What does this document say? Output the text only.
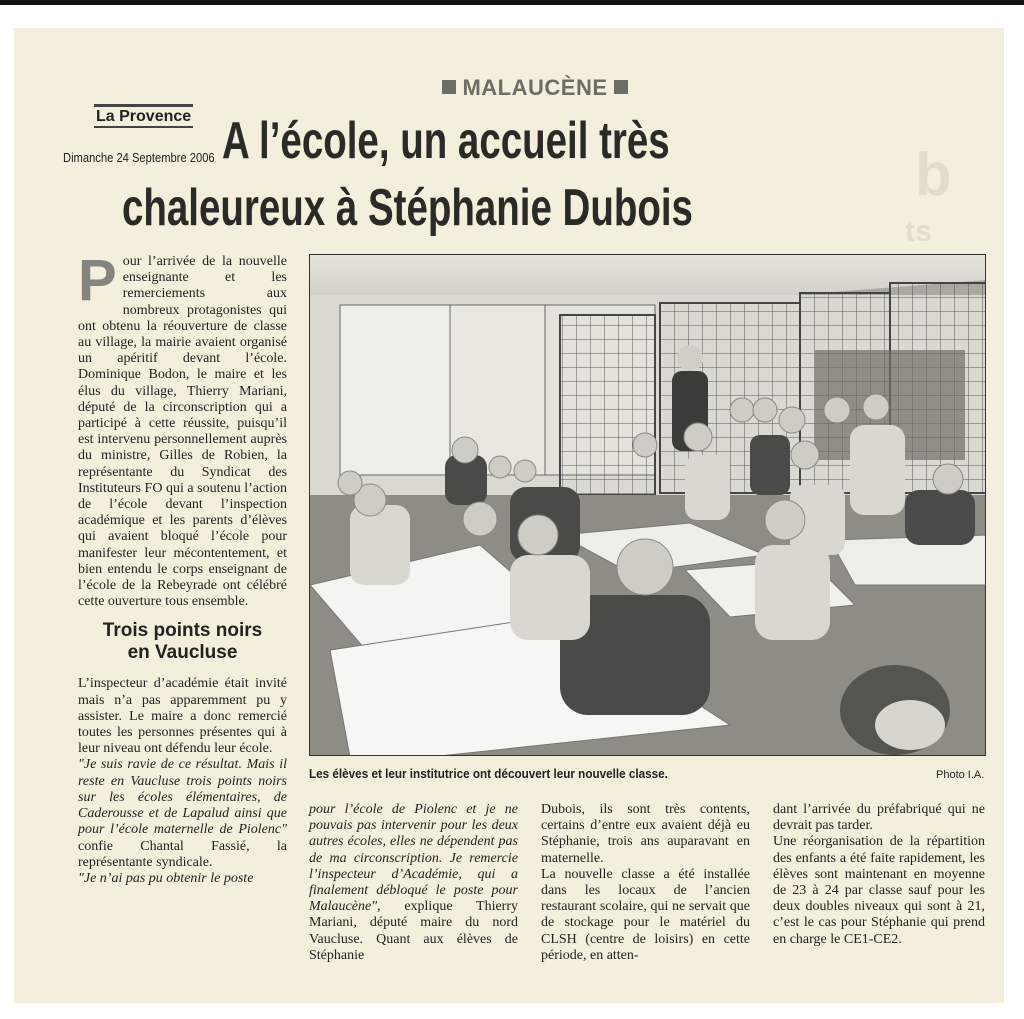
b
ts
MALAUCÈNE
La Provence
Dimanche 24 Septembre 2006 A l’école, un accueil très
chaleureux à Stéphanie Dubois

Pour l’arrivée de la nouvelle enseignante et les remerciements aux nombreux protagonistes qui ont obtenu la réouverture de classe au village, la mairie avaient organisé un apéritif devant l’école. Dominique Bodon, le maire et les élus du village, Thierry Mariani, député de la circonscription qui a participé à cette réussite, puisqu’il est intervenu personnellement auprès du ministre, Gilles de Robien, la représentante du Syndicat des Instituteurs FO qui a soutenu l’action de l’école devant l’inspection académique et les parents d’élèves qui avaient bloqué l’école pour manifester leur mécontentement, et bien entendu le corps enseignant de l’école de la Rebeyrade ont célébré cette ouverture tous ensemble.

Trois points noirs
en Vaucluse

L’inspecteur d’académie était invité mais n’a pas apparemment pu y assister. Le maire a donc remercié toutes les personnes présentes qui à leur niveau ont défendu leur école.

"Je suis ravie de ce résultat. Mais il reste en Vaucluse trois points noirs sur les écoles élémentaires, de Caderousse et de Lapalud ainsi que pour l’école maternelle de Piolenc" confie Chantal Fassié, la représentante syndicale.

"Je n’ai pas pu obtenir le poste

Les élèves et leur institutrice ont découvert leur nouvelle classe.	Photo I.A.

pour l’école de Piolenc et je ne pouvais pas intervenir pour les deux autres écoles, elles ne dépendent pas de ma circonscription. Je remercie l’inspecteur d’Académie, qui a finalement débloqué le poste pour Malaucène", explique Thierry Mariani, député maire du nord Vaucluse. Quant aux élèves de Stéphanie

Dubois, ils sont très contents, certains d’entre eux avaient déjà eu Stéphanie, trois ans auparavant en maternelle.

La nouvelle classe a été installée dans les locaux de l’ancien restaurant scolaire, qui ne servait que de stockage pour le matériel du CLSH (centre de loisirs) en cette période, en atten-

dant l’arrivée du préfabriqué qui ne devrait pas tarder.

Une réorganisation de la répartition des enfants a été faite rapidement, les élèves sont maintenant en moyenne de 23 à 24 par classe sauf pour les deux doubles niveaux qui sont à 21, c’est le cas pour Stéphanie qui prend en charge le CE1-CE2.
